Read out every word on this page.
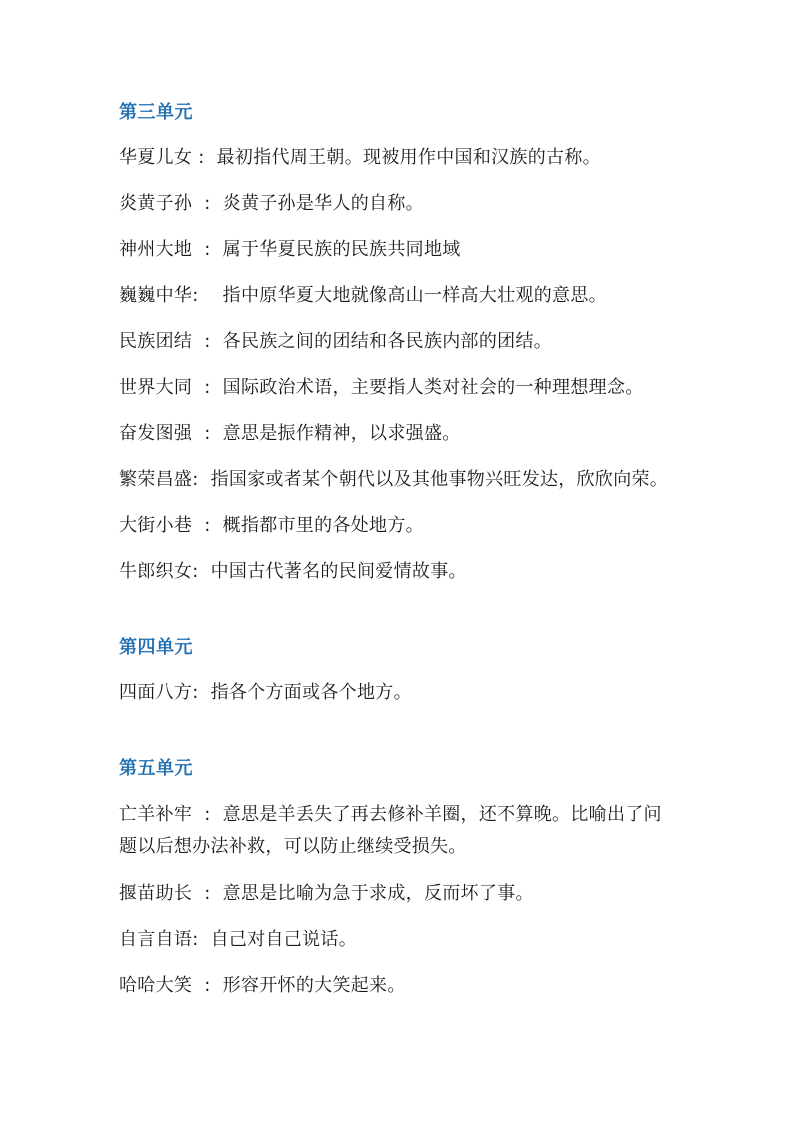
第三单元
华夏儿女 :  最初指代周王朝。现被用作中国和汉族的古称。
炎黄子孙  :  炎黄子孙是华人的自称。
神州大地  :  属于华夏民族的民族共同地域
巍巍中华:    指中原华夏大地就像高山一样高大壮观的意思。
民族团结  :  各民族之间的团结和各民族内部的团结。
世界大同  :  国际政治术语，主要指人类对社会的一种理想理念。
奋发图强  :  意思是振作精神，以求强盛。
繁荣昌盛:  指国家或者某个朝代以及其他事物兴旺发达，欣欣向荣。
大街小巷  :  概指都市里的各处地方。
牛郎织女:  中国古代著名的民间爱情故事。
第四单元
四面八方:  指各个方面或各个地方。
第五单元
亡羊补牢  :  意思是羊丢失了再去修补羊圈，还不算晚。比喻出了问题以后想办法补救，可以防止继续受损失。
揠苗助长  :  意思是比喻为急于求成，反而坏了事。
自言自语:  自己对自己说话。
哈哈大笑  :  形容开怀的大笑起来。
